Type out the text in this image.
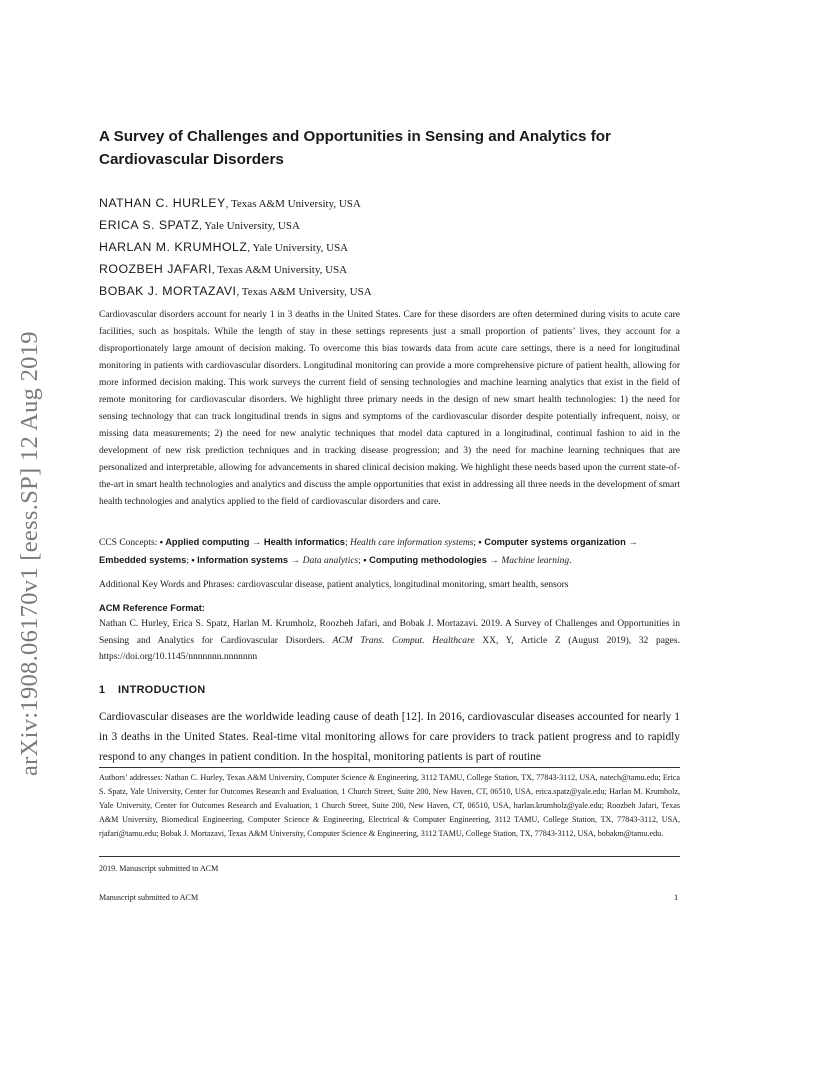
arXiv:1908.06170v1 [eess.SP] 12 Aug 2019
A Survey of Challenges and Opportunities in Sensing and Analytics for Cardiovascular Disorders
NATHAN C. HURLEY, Texas A&M University, USA
ERICA S. SPATZ, Yale University, USA
HARLAN M. KRUMHOLZ, Yale University, USA
ROOZBEH JAFARI, Texas A&M University, USA
BOBAK J. MORTAZAVI, Texas A&M University, USA
Cardiovascular disorders account for nearly 1 in 3 deaths in the United States. Care for these disorders are often determined during visits to acute care facilities, such as hospitals. While the length of stay in these settings represents just a small proportion of patients’ lives, they account for a disproportionately large amount of decision making. To overcome this bias towards data from acute care settings, there is a need for longitudinal monitoring in patients with cardiovascular disorders. Longitudinal monitoring can provide a more comprehensive picture of patient health, allowing for more informed decision making. This work surveys the current field of sensing technologies and machine learning analytics that exist in the field of remote monitoring for cardiovascular disorders. We highlight three primary needs in the design of new smart health technologies: 1) the need for sensing technology that can track longitudinal trends in signs and symptoms of the cardiovascular disorder despite potentially infrequent, noisy, or missing data measurements; 2) the need for new analytic techniques that model data captured in a longitudinal, continual fashion to aid in the development of new risk prediction techniques and in tracking disease progression; and 3) the need for machine learning techniques that are personalized and interpretable, allowing for advancements in shared clinical decision making. We highlight these needs based upon the current state-of-the-art in smart health technologies and analytics and discuss the ample opportunities that exist in addressing all three needs in the development of smart health technologies and analytics applied to the field of cardiovascular disorders and care.
CCS Concepts: • Applied computing → Health informatics; Health care information systems; • Computer systems organization → Embedded systems; • Information systems → Data analytics; • Computing methodologies → Machine learning.
Additional Key Words and Phrases: cardiovascular disease, patient analytics, longitudinal monitoring, smart health, sensors
ACM Reference Format:
Nathan C. Hurley, Erica S. Spatz, Harlan M. Krumholz, Roozbeh Jafari, and Bobak J. Mortazavi. 2019. A Survey of Challenges and Opportunities in Sensing and Analytics for Cardiovascular Disorders. ACM Trans. Comput. Healthcare XX, Y, Article Z (August 2019), 32 pages. https://doi.org/10.1145/nnnnnnn.nnnnnnn
1 INTRODUCTION
Cardiovascular diseases are the worldwide leading cause of death [12]. In 2016, cardiovascular diseases accounted for nearly 1 in 3 deaths in the United States. Real-time vital monitoring allows for care providers to track patient progress and to rapidly respond to any changes in patient condition. In the hospital, monitoring patients is part of routine
Authors’ addresses: Nathan C. Hurley, Texas A&M University, Computer Science & Engineering, 3112 TAMU, College Station, TX, 77843-3112, USA, natech@tamu.edu; Erica S. Spatz, Yale University, Center for Outcomes Research and Evaluation, 1 Church Street, Suite 200, New Haven, CT, 06510, USA, erica.spatz@yale.edu; Harlan M. Krumholz, Yale University, Center for Outcomes Research and Evaluation, 1 Church Street, Suite 200, New Haven, CT, 06510, USA, harlan.krumholz@yale.edu; Roozbeh Jafari, Texas A&M University, Biomedical Engineering, Computer Science & Engineering, Electrical & Computer Engineering, 3112 TAMU, College Station, TX, 77843-3112, USA, rjafari@tamu.edu; Bobak J. Mortazavi, Texas A&M University, Computer Science & Engineering, 3112 TAMU, College Station, TX, 77843-3112, USA, bobakm@tamu.edu.
2019. Manuscript submitted to ACM
Manuscript submitted to ACM	1
